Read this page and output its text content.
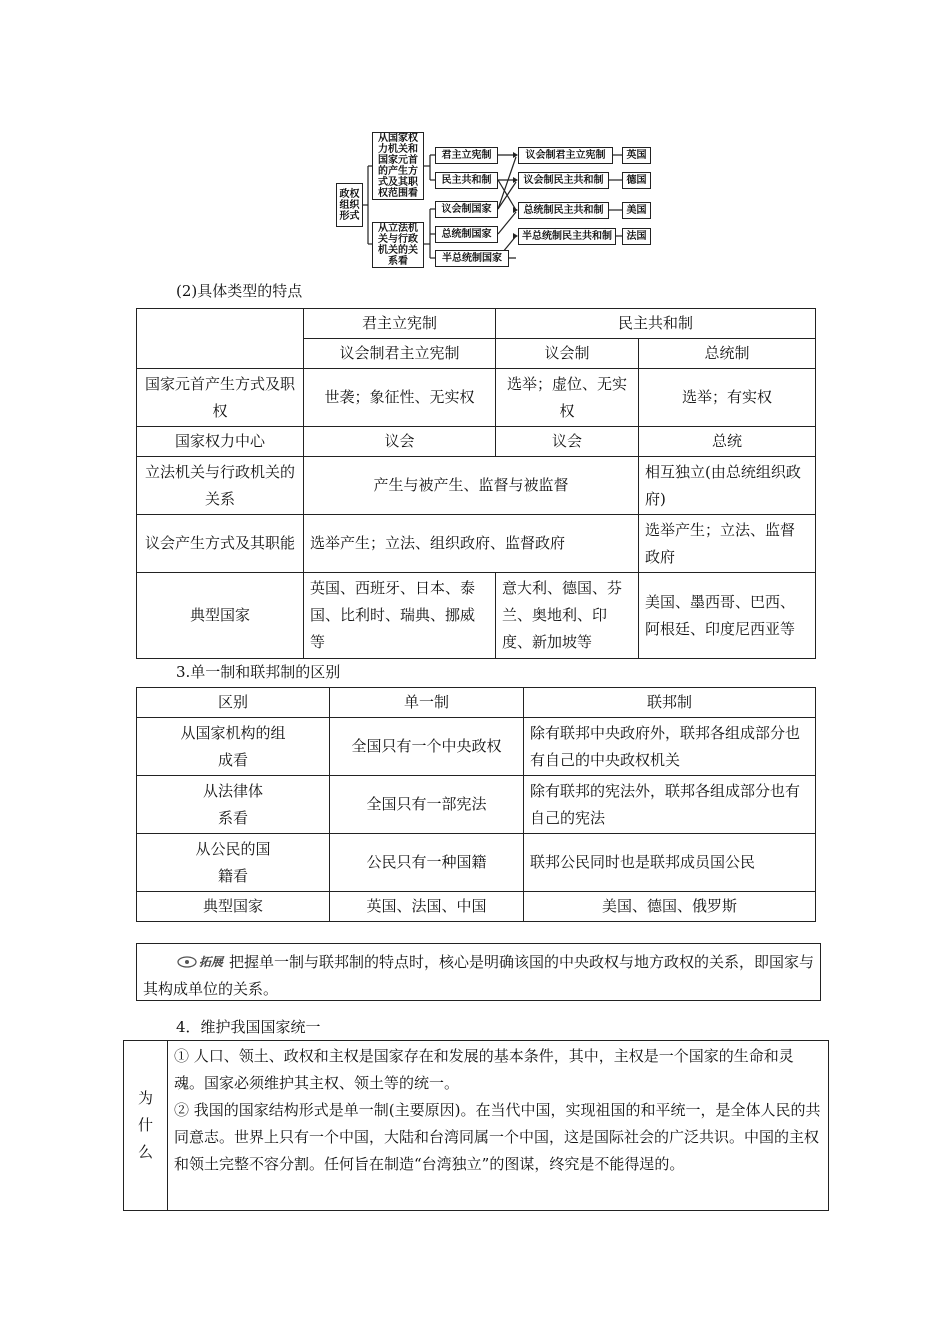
政权组织形式
从国家权力机关和国家元首的产生方式及其职权范围看
从立法机关与行政机关的关系看
君主立宪制
民主共和制
议会制国家
总统制国家
半总统制国家
议会制君主立宪制
议会制民主共和制
总统制民主共和制
半总统制民主共和制
英国
德国
美国
法国
(2)具体类型的特点
	君主立宪制	民主共和制	
	议会制君主立宪制	议会制	总统制
国家元首产生方式及职权	世袭；象征性、无实权	选举；虚位、无实权	选举；有实权
国家权力中心	议会	议会	总统
立法机关与行政机关的关系	产生与被产生、监督与被监督		相互独立(由总统组织政府)
议会产生方式及其职能	选举产生；立法、组织政府、监督政府		选举产生；立法、监督政府
典型国家	英国、西班牙、日本、泰国、比利时、瑞典、挪威等	意大利、德国、芬兰、奥地利、印度、新加坡等	美国、墨西哥、巴西、阿根廷、印度尼西亚等
3.单一制和联邦制的区别
区别	单一制	联邦制
从国家机构的组成看	全国只有一个中央政权	除有联邦中央政府外，联邦各组成部分也有自己的中央政权机关
从法律体系看	全国只有一部宪法	除有联邦的宪法外，联邦各组成部分也有自己的宪法
从公民的国籍看	公民只有一种国籍	联邦公民同时也是联邦成员国公民
典型国家	英国、法国、中国	美国、德国、俄罗斯
拓展 把握单一制与联邦制的特点时，核心是明确该国的中央政权与地方政权的关系，即国家与其构成单位的关系。
4．维护我国国家统一
为什么	
① 人口、领土、政权和主权是国家存在和发展的基本条件，其中，主权是一个国家的生命和灵魂。国家必须维护其主权、领土等的统一。
② 我国的国家结构形式是单一制(主要原因)。在当代中国，实现祖国的和平统一，是全体人民的共同意志。世界上只有一个中国，大陆和台湾同属一个中国，这是国际社会的广泛共识。中国的主权和领土完整不容分割。任何旨在制造“台湾独立”的图谋，终究是不能得逞的。
